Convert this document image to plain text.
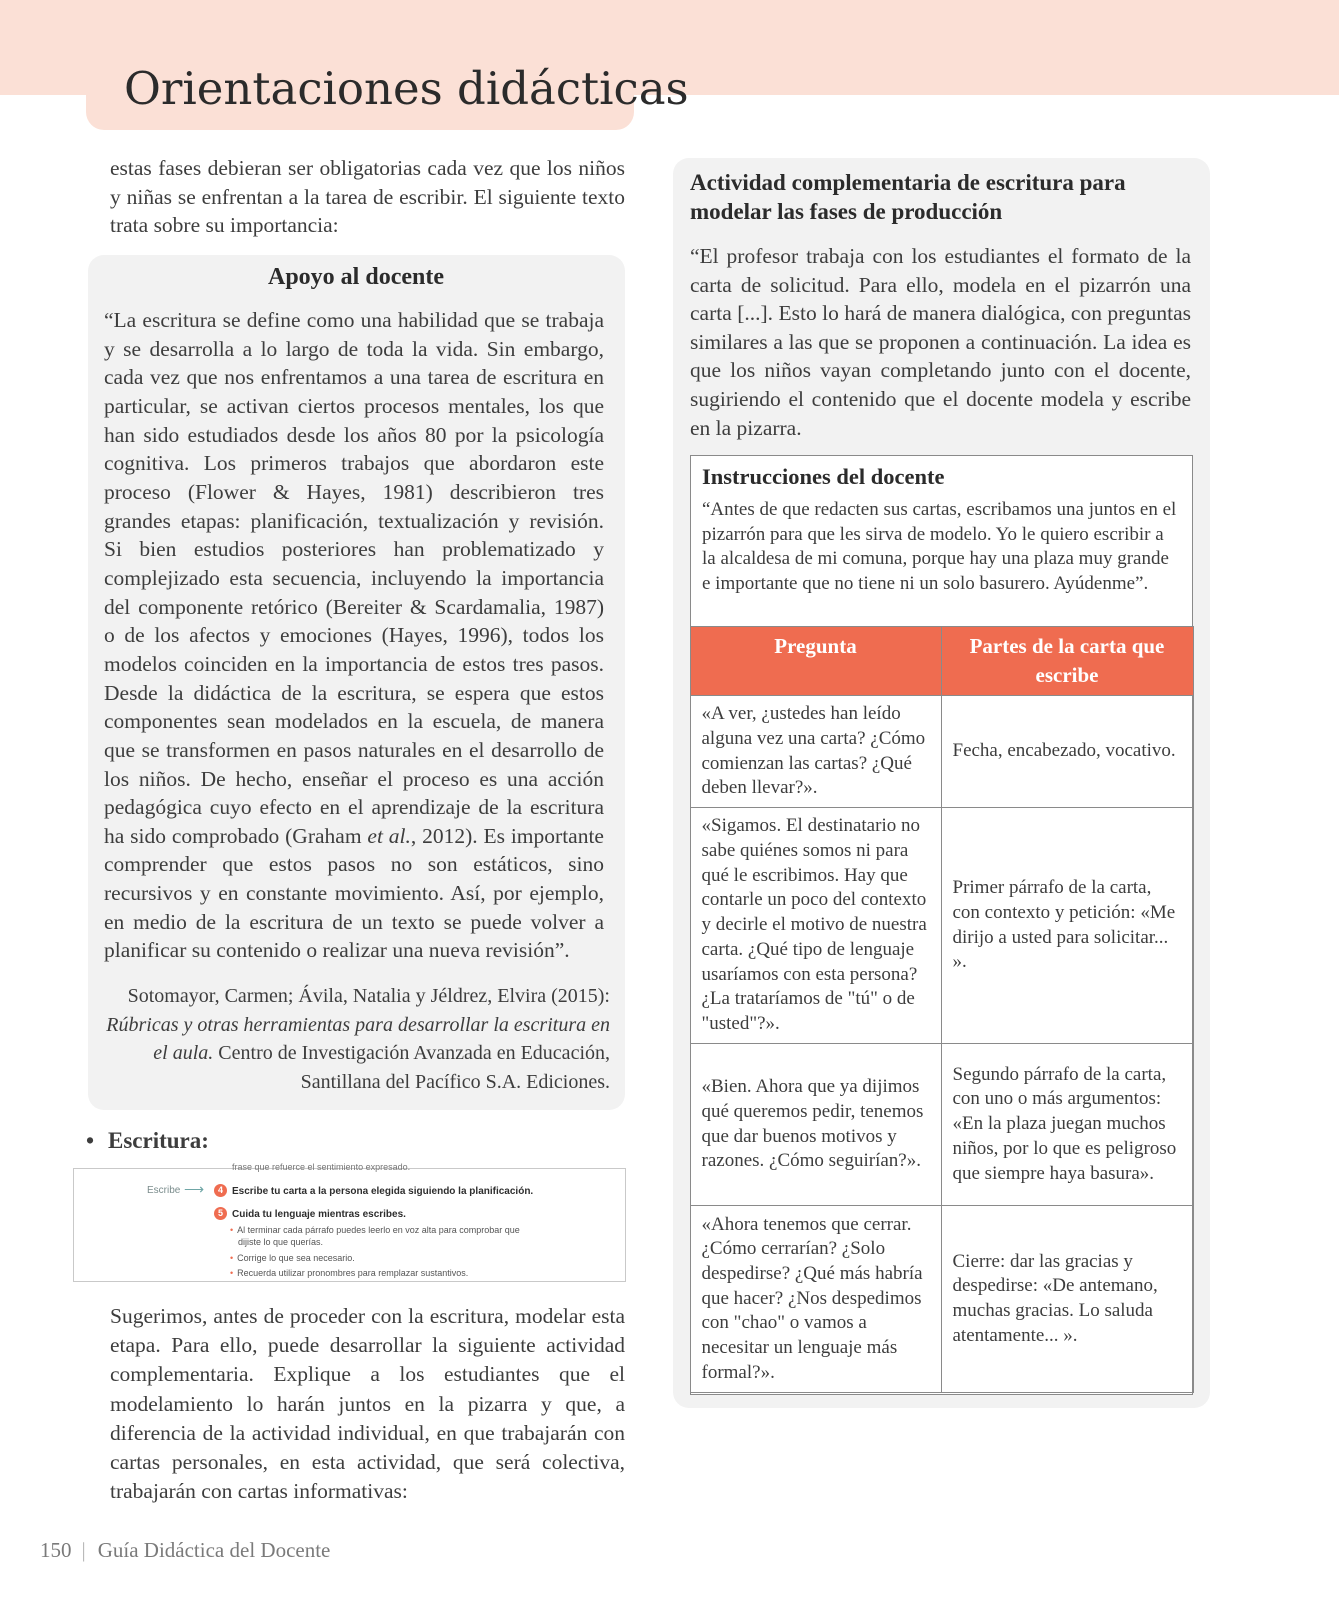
Orientaciones didácticas

estas fases debieran ser obligatorias cada vez que los niños y niñas se enfrentan a la tarea de escribir. El siguiente texto trata sobre su importancia:

Apoyo al docente

“La escritura se define como una habilidad que se trabaja y se desarrolla a lo largo de toda la vida. Sin embargo, cada vez que nos enfrentamos a una tarea de escritura en particular, se activan ciertos procesos mentales, los que han sido estudiados desde los años 80 por la psicología cognitiva. Los primeros trabajos que abordaron este proceso (Flower & Hayes, 1981) describieron tres grandes etapas: planificación, textualización y revisión. Si bien estudios posteriores han problematizado y complejizado esta secuencia, incluyendo la importancia del componente retórico (Bereiter & Scardamalia, 1987) o de los afectos y emociones (Hayes, 1996), todos los modelos coinciden en la importancia de estos tres pasos. Desde la didáctica de la escritura, se espera que estos componentes sean modelados en la escuela, de manera que se transformen en pasos naturales en el desarrollo de los niños. De hecho, enseñar el proceso es una acción pedagógica cuyo efecto en el aprendizaje de la escritura ha sido comprobado (Graham et al., 2012). Es importante comprender que estos pasos no son estáticos, sino recursivos y en constante movimiento. Así, por ejemplo, en medio de la escritura de un texto se puede volver a planificar su contenido o realizar una nueva revisión”.

Sotomayor, Carmen; Ávila, Natalia y Jéldrez, Elvira (2015): Rúbricas y otras herramientas para desarrollar la escritura en el aula. Centro de Investigación Avanzada en Educación, Santillana del Pacífico S.A. Ediciones.

• Escritura:

frase que refuerce el sentimiento expresado.
Escribe ⟶	4 Escribe tu carta a la persona elegida siguiendo la planificación.
5 Cuida tu lenguaje mientras escribes.
• Al terminar cada párrafo puedes leerlo en voz alta para comprobar que
dijiste lo que querías.
• Corrige lo que sea necesario.
• Recuerda utilizar pronombres para remplazar sustantivos.

Sugerimos, antes de proceder con la escritura, modelar esta etapa. Para ello, puede desarrollar la siguiente actividad complementaria. Explique a los estudiantes que el modelamiento lo harán juntos en la pizarra y que, a diferencia de la actividad individual, en que trabajarán con cartas personales, en esta actividad, que será colectiva, trabajarán con cartas informativas:

Actividad complementaria de escritura para modelar las fases de producción

“El profesor trabaja con los estudiantes el formato de la carta de solicitud. Para ello, modela en el pizarrón una carta [...]. Esto lo hará de manera dialógica, con preguntas similares a las que se proponen a continuación. La idea es que los niños vayan completando junto con el docente, sugiriendo el contenido que el docente modela y escribe en la pizarra.

Instrucciones del docente

“Antes de que redacten sus cartas, escribamos una juntos en el pizarrón para que les sirva de modelo. Yo le quiero escribir a la alcaldesa de mi comuna, porque hay una plaza muy grande e importante que no tiene ni un solo basurero. Ayúdenme”.

Pregunta	Partes de la carta que escribe
«A ver, ¿ustedes han leído alguna vez una carta? ¿Cómo comienzan las cartas? ¿Qué deben llevar?».	Fecha, encabezado, vocativo.
«Sigamos. El destinatario no sabe quiénes somos ni para qué le escribimos. Hay que contarle un poco del contexto y decirle el motivo de nuestra carta. ¿Qué tipo de lenguaje usaríamos con esta persona? ¿La trataríamos de "tú" o de "usted"?».	Primer párrafo de la carta, con contexto y petición: «Me dirijo a usted para solicitar... ».
«Bien. Ahora que ya dijimos qué queremos pedir, tenemos que dar buenos motivos y razones. ¿Cómo seguirían?».	Segundo párrafo de la carta, con uno o más argumentos: «En la plaza juegan muchos niños, por lo que es peligroso que siempre haya basura».
«Ahora tenemos que cerrar. ¿Cómo cerrarían? ¿Solo despedirse? ¿Qué más habría que hacer? ¿Nos despedimos con "chao" o vamos a necesitar un lenguaje más formal?».	Cierre: dar las gracias y despedirse: «De antemano, muchas gracias. Lo saluda atentamente... ».

150 | Guía Didáctica del Docente
